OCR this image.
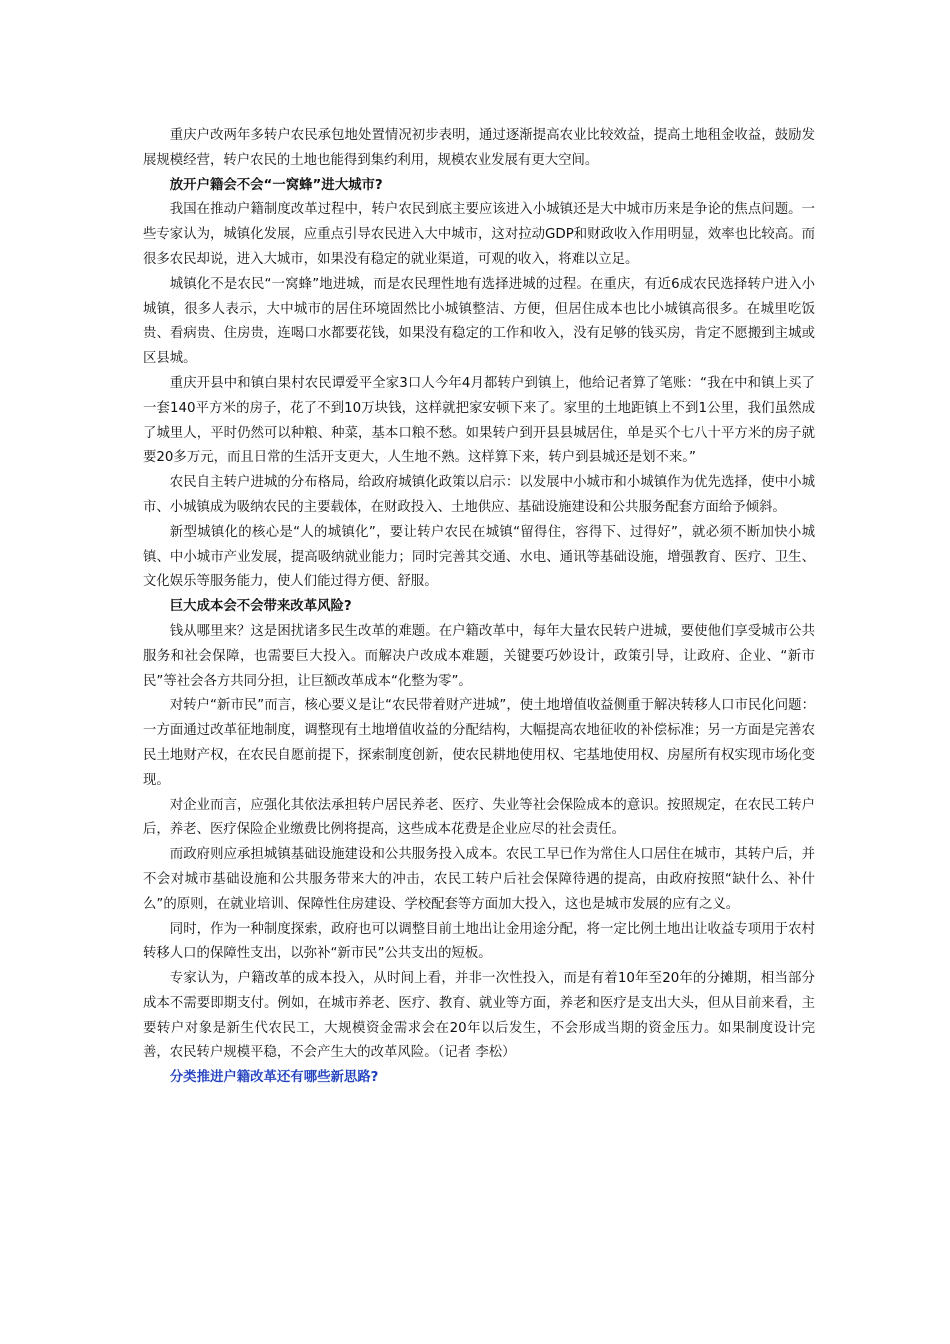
重庆户改两年多转户农民承包地处置情况初步表明，通过逐渐提高农业比较效益，提高土地租金收益，鼓励发展规模经营，转户农民的土地也能得到集约利用，规模农业发展有更大空间。

放开户籍会不会“一窝蜂”进大城市?

我国在推动户籍制度改革过程中，转户农民到底主要应该进入小城镇还是大中城市历来是争论的焦点问题。一些专家认为，城镇化发展，应重点引导农民进入大中城市，这对拉动GDP和财政收入作用明显，效率也比较高。而很多农民却说，进入大城市，如果没有稳定的就业渠道，可观的收入，将难以立足。

城镇化不是农民“一窝蜂”地进城，而是农民理性地有选择进城的过程。在重庆，有近6成农民选择转户进入小城镇，很多人表示，大中城市的居住环境固然比小城镇整洁、方便，但居住成本也比小城镇高很多。在城里吃饭贵、看病贵、住房贵，连喝口水都要花钱，如果没有稳定的工作和收入，没有足够的钱买房，肯定不愿搬到主城或区县城。

重庆开县中和镇白果村农民谭爱平全家3口人今年4月都转户到镇上，他给记者算了笔账：“我在中和镇上买了一套140平方米的房子，花了不到10万块钱，这样就把家安顿下来了。家里的土地距镇上不到1公里，我们虽然成了城里人，平时仍然可以种粮、种菜，基本口粮不愁。如果转户到开县县城居住，单是买个七八十平方米的房子就要20多万元，而且日常的生活开支更大，人生地不熟。这样算下来，转户到县城还是划不来。”

农民自主转户进城的分布格局，给政府城镇化政策以启示：以发展中小城市和小城镇作为优先选择，使中小城市、小城镇成为吸纳农民的主要载体，在财政投入、土地供应、基础设施建设和公共服务配套方面给予倾斜。

新型城镇化的核心是“人的城镇化”，要让转户农民在城镇“留得住，容得下、过得好”，就必须不断加快小城镇、中小城市产业发展，提高吸纳就业能力；同时完善其交通、水电、通讯等基础设施，增强教育、医疗、卫生、文化娱乐等服务能力，使人们能过得方便、舒服。

巨大成本会不会带来改革风险?

钱从哪里来？这是困扰诸多民生改革的难题。在户籍改革中，每年大量农民转户进城，要使他们享受城市公共服务和社会保障，也需要巨大投入。而解决户改成本难题，关键要巧妙设计，政策引导，让政府、企业、“新市民”等社会各方共同分担，让巨额改革成本“化整为零”。

对转户“新市民”而言，核心要义是让“农民带着财产进城”，使土地增值收益侧重于解决转移人口市民化问题：一方面通过改革征地制度，调整现有土地增值收益的分配结构，大幅提高农地征收的补偿标准；另一方面是完善农民土地财产权，在农民自愿前提下，探索制度创新，使农民耕地使用权、宅基地使用权、房屋所有权实现市场化变现。

对企业而言，应强化其依法承担转户居民养老、医疗、失业等社会保险成本的意识。按照规定，在农民工转户后，养老、医疗保险企业缴费比例将提高，这些成本花费是企业应尽的社会责任。

而政府则应承担城镇基础设施建设和公共服务投入成本。农民工早已作为常住人口居住在城市，其转户后，并不会对城市基础设施和公共服务带来大的冲击，农民工转户后社会保障待遇的提高，由政府按照“缺什么、补什么”的原则，在就业培训、保障性住房建设、学校配套等方面加大投入，这也是城市发展的应有之义。

同时，作为一种制度探索，政府也可以调整目前土地出让金用途分配，将一定比例土地出让收益专项用于农村转移人口的保障性支出，以弥补“新市民”公共支出的短板。

专家认为，户籍改革的成本投入，从时间上看，并非一次性投入，而是有着10年至20年的分摊期，相当部分成本不需要即期支付。例如，在城市养老、医疗、教育、就业等方面，养老和医疗是支出大头，但从目前来看，主要转户对象是新生代农民工，大规模资金需求会在20年以后发生，不会形成当期的资金压力。如果制度设计完善，农民转户规模平稳，不会产生大的改革风险。（记者 李松）

分类推进户籍改革还有哪些新思路?
